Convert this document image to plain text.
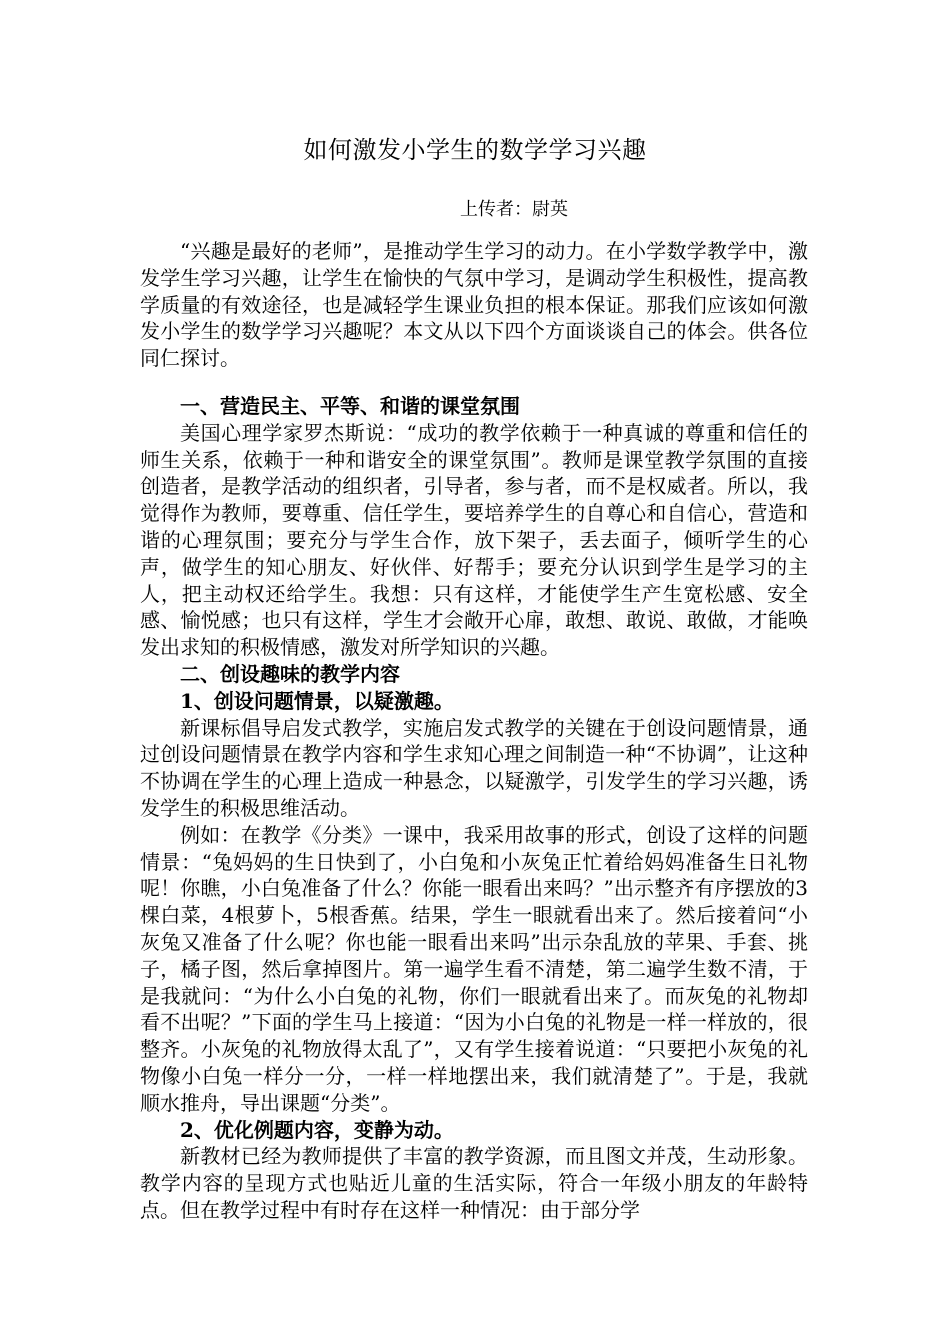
如何激发小学生的数学学习兴趣
上传者：尉英

“兴趣是最好的老师”，是推动学生学习的动力。在小学数学教学中，激发学生学习兴趣，让学生在愉快的气氛中学习，是调动学生积极性，提高教学质量的有效途径，也是减轻学生课业负担的根本保证。那我们应该如何激发小学生的数学学习兴趣呢？本文从以下四个方面谈谈自己的体会。供各位同仁探讨。

一、营造民主、平等、和谐的课堂氛围

美国心理学家罗杰斯说：“成功的教学依赖于一种真诚的尊重和信任的师生关系，依赖于一种和谐安全的课堂氛围”。教师是课堂教学氛围的直接创造者，是教学活动的组织者，引导者，参与者，而不是权威者。所以，我觉得作为教师，要尊重、信任学生，要培养学生的自尊心和自信心，营造和谐的心理氛围；要充分与学生合作，放下架子，丢去面子，倾听学生的心声，做学生的知心朋友、好伙伴、好帮手；要充分认识到学生是学习的主人，把主动权还给学生。我想：只有这样，才能使学生产生宽松感、安全感、愉悦感；也只有这样，学生才会敞开心扉，敢想、敢说、敢做，才能唤发出求知的积极情感，激发对所学知识的兴趣。

二、创设趣味的教学内容

1、创设问题情景，以疑激趣。

新课标倡导启发式教学，实施启发式教学的关键在于创设问题情景，通过创设问题情景在教学内容和学生求知心理之间制造一种“不协调”，让这种不协调在学生的心理上造成一种悬念，以疑激学，引发学生的学习兴趣，诱发学生的积极思维活动。

例如：在教学《分类》一课中，我采用故事的形式，创设了这样的问题情景：“兔妈妈的生日快到了，小白兔和小灰兔正忙着给妈妈准备生日礼物呢！你瞧，小白兔准备了什么？你能一眼看出来吗？”出示整齐有序摆放的3棵白菜，4根萝卜，5根香蕉。结果，学生一眼就看出来了。然后接着问“小灰兔又准备了什么呢？你也能一眼看出来吗”出示杂乱放的苹果、手套、挑子，橘子图，然后拿掉图片。第一遍学生看不清楚，第二遍学生数不清，于是我就问：“为什么小白兔的礼物，你们一眼就看出来了。而灰兔的礼物却看不出呢？”下面的学生马上接道：“因为小白兔的礼物是一样一样放的，很整齐。小灰兔的礼物放得太乱了”，又有学生接着说道：“只要把小灰兔的礼物像小白兔一样分一分，一样一样地摆出来，我们就清楚了”。于是，我就顺水推舟，导出课题“分类”。

2、优化例题内容，变静为动。

新教材已经为教师提供了丰富的教学资源，而且图文并茂，生动形象。教学内容的呈现方式也贴近儿童的生活实际，符合一年级小朋友的年龄特点。但在教学过程中有时存在这样一种情况：由于部分学
